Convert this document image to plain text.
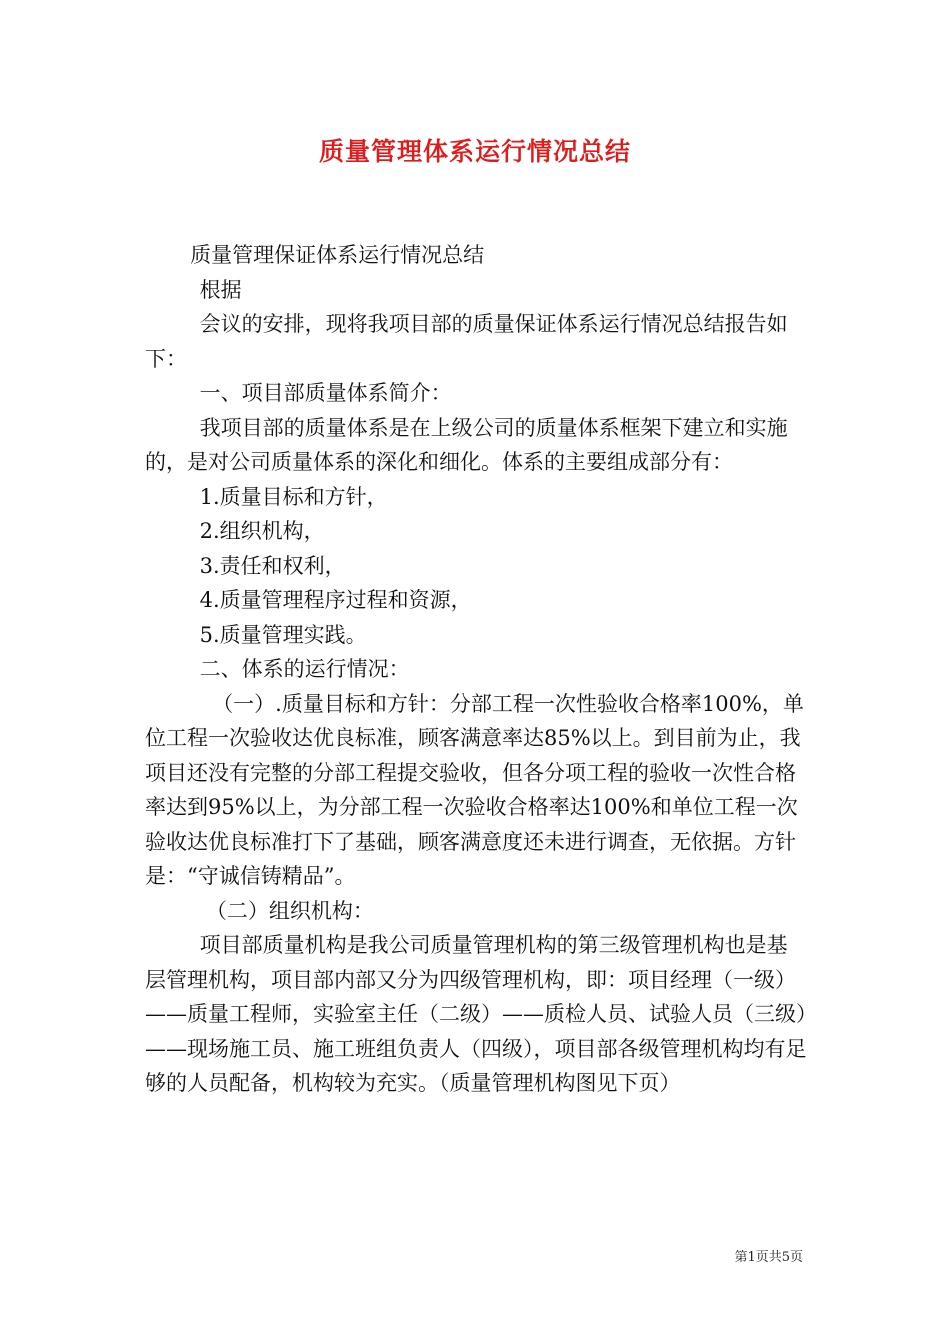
质量管理体系运行情况总结

质量管理保证体系运行情况总结

根据

会议的安排，现将我项目部的质量保证体系运行情况总结报告如下：

一、项目部质量体系简介：

我项目部的质量体系是在上级公司的质量体系框架下建立和实施的，是对公司质量体系的深化和细化。体系的主要组成部分有：

1.质量目标和方针，

2.组织机构，

3.责任和权利，

4.质量管理程序过程和资源，

5.质量管理实践。

二、体系的运行情况：

（一）.质量目标和方针：分部工程一次性验收合格率100%，单位工程一次验收达优良标准，顾客满意率达85%以上。到目前为止，我项目还没有完整的分部工程提交验收，但各分项工程的验收一次性合格率达到95%以上，为分部工程一次验收合格率达100%和单位工程一次验收达优良标准打下了基础，顾客满意度还未进行调查，无依据。方针是：“守诚信铸精品”。

（二）组织机构：

项目部质量机构是我公司质量管理机构的第三级管理机构也是基层管理机构，项目部内部又分为四级管理机构，即：项目经理（一级）——质量工程师，实验室主任（二级）——质检人员、试验人员（三级）——现场施工员、施工班组负责人（四级），项目部各级管理机构均有足够的人员配备，机构较为充实。（质量管理机构图见下页）

第1页共5页
